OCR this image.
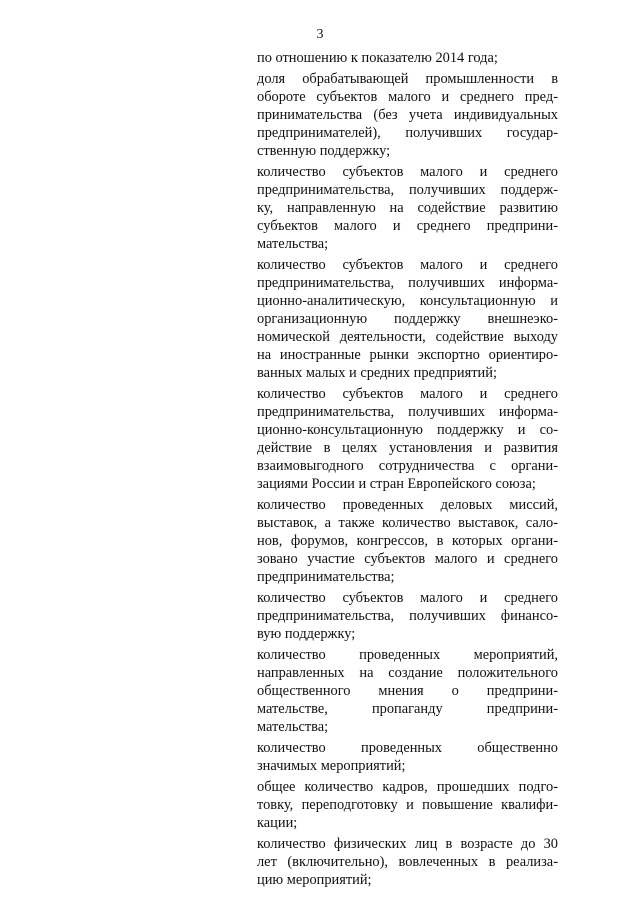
3
по отношению к показателю 2014 года;
доля обрабатывающей промышленности в
обороте субъектов малого и среднего пред-
принимательства (без учета индивидуальных
предпринимателей), получивших государ-
ственную поддержку;
количество субъектов малого и среднего
предпринимательства, получивших поддерж-
ку, направленную на содействие развитию
субъектов малого и среднего предприни-
мательства;
количество субъектов малого и среднего
предпринимательства, получивших информа-
ционно-аналитическую, консультационную и
организационную поддержку внешнеэко-
номической деятельности, содействие выходу
на иностранные рынки экспортно ориентиро-
ванных малых и средних предприятий;
количество субъектов малого и среднего
предпринимательства, получивших информа-
ционно-консультационную поддержку и со-
действие в целях установления и развития
взаимовыгодного сотрудничества с органи-
зациями России и стран Европейского союза;
количество проведенных деловых миссий,
выставок, а также количество выставок, сало-
нов, форумов, конгрессов, в которых органи-
зовано участие субъектов малого и среднего
предпринимательства;
количество субъектов малого и среднего
предпринимательства, получивших финансо-
вую поддержку;
количество проведенных мероприятий,
направленных на создание положительного
общественного мнения о предприни-
мательстве, пропаганду предприни-
мательства;
количество проведенных общественно
значимых мероприятий;
общее количество кадров, прошедших подго-
товку, переподготовку и повышение квалифи-
кации;
количество физических лиц в возрасте до 30
лет (включительно), вовлеченных в реализа-
цию мероприятий;
